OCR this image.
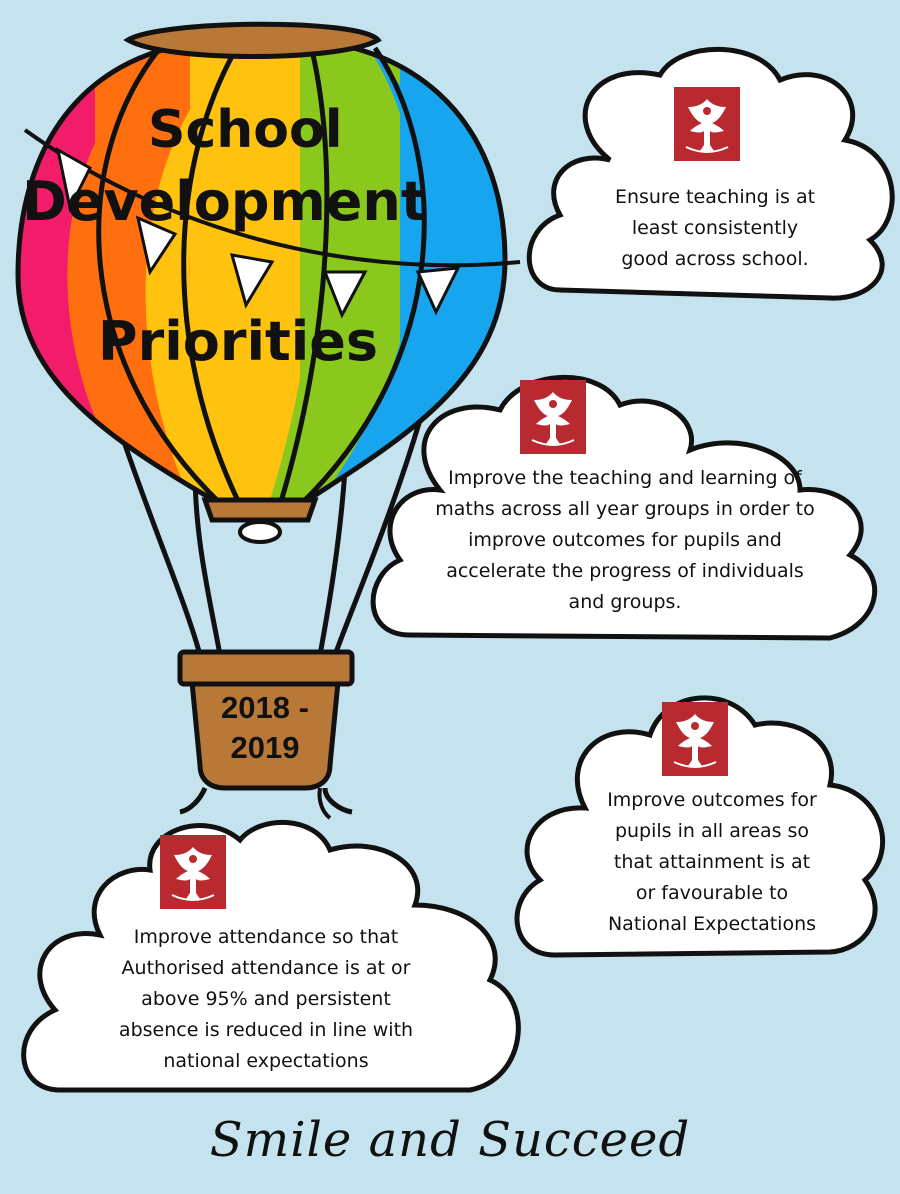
School
Development
Priorities
2018 -
2019
Ensure teaching is at
least consistently
good across school.
Improve the teaching and learning of
maths across all year groups in order to
improve outcomes for pupils and
accelerate the progress of individuals
and groups.
Improve outcomes for
pupils in all areas so
that attainment is at
or favourable to
National Expectations
Improve attendance so that
Authorised attendance is at or
above 95% and persistent
absence is reduced in line with
national expectations
Smile and Succeed
